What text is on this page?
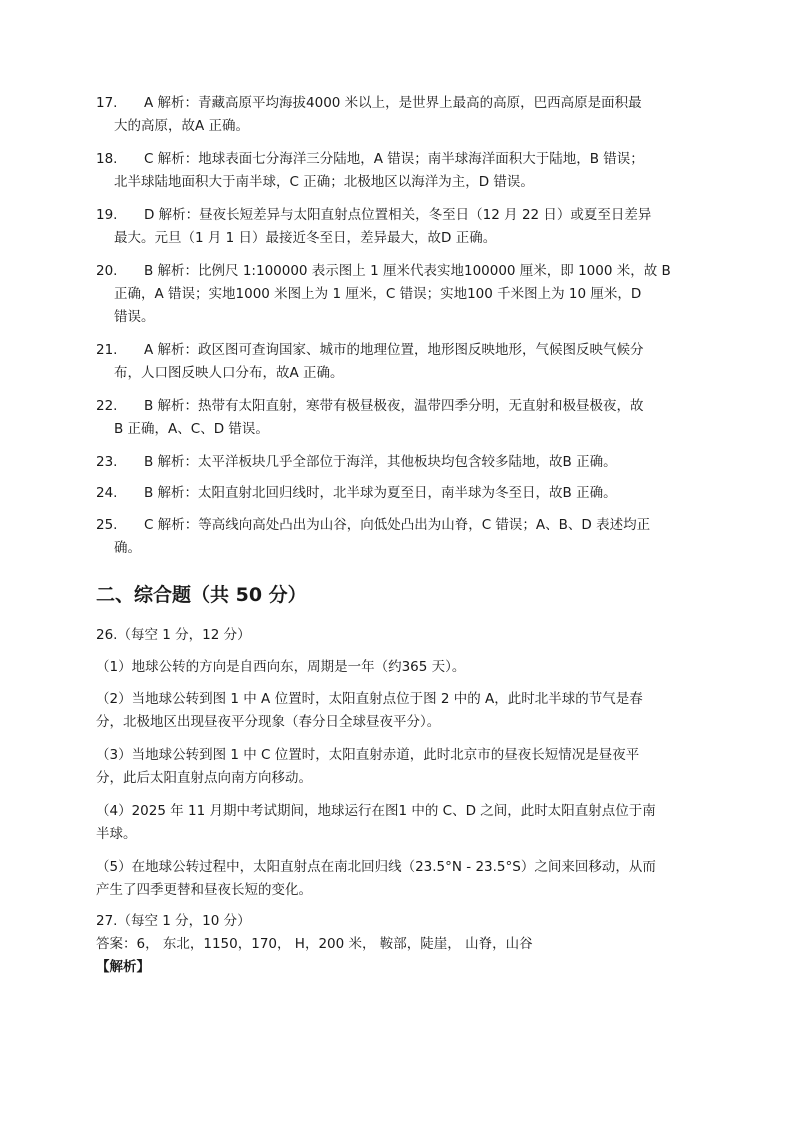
17. A 解析：青藏高原平均海拔4000 米以上，是世界上最高的高原，巴西高原是面积最
大的高原，故A 正确。
18. C 解析：地球表面七分海洋三分陆地，A 错误；南半球海洋面积大于陆地，B 错误；
北半球陆地面积大于南半球，C 正确；北极地区以海洋为主，D 错误。
19. D 解析：昼夜长短差异与太阳直射点位置相关，冬至日（12 月 22 日）或夏至日差异
最大。元旦（1 月 1 日）最接近冬至日，差异最大，故D 正确。
20. B 解析：比例尺 1:100000 表示图上 1 厘米代表实地100000 厘米，即 1000 米，故 B
正确，A 错误；实地1000 米图上为 1 厘米，C 错误；实地100 千米图上为 10 厘米，D
错误。
21. A 解析：政区图可查询国家、城市的地理位置，地形图反映地形，气候图反映气候分
布，人口图反映人口分布，故A 正确。
22. B 解析：热带有太阳直射，寒带有极昼极夜，温带四季分明，无直射和极昼极夜，故
B 正确，A、C、D 错误。
23. B 解析：太平洋板块几乎全部位于海洋，其他板块均包含较多陆地，故B 正确。
24. B 解析：太阳直射北回归线时，北半球为夏至日，南半球为冬至日，故B 正确。
25. C 解析：等高线向高处凸出为山谷，向低处凸出为山脊，C 错误；A、B、D 表述均正
确。
二、综合题（共 50 分）
26.（每空 1 分，12 分）
（1）地球公转的方向是自西向东，周期是一年（约365 天）。
（2）当地球公转到图 1 中 A 位置时，太阳直射点位于图 2 中的 A，此时北半球的节气是春
分，北极地区出现昼夜平分现象（春分日全球昼夜平分）。
（3）当地球公转到图 1 中 C 位置时，太阳直射赤道，此时北京市的昼夜长短情况是昼夜平
分，此后太阳直射点向南方向移动。
（4）2025 年 11 月期中考试期间，地球运行在图1 中的 C、D 之间，此时太阳直射点位于南
半球。
（5）在地球公转过程中，太阳直射点在南北回归线（23.5°N - 23.5°S）之间来回移动，从而
产生了四季更替和昼夜长短的变化。
27.（每空 1 分，10 分）
答案：6， 东北，1150，170， H，200 米， 鞍部，陡崖， 山脊，山谷
【解析】
